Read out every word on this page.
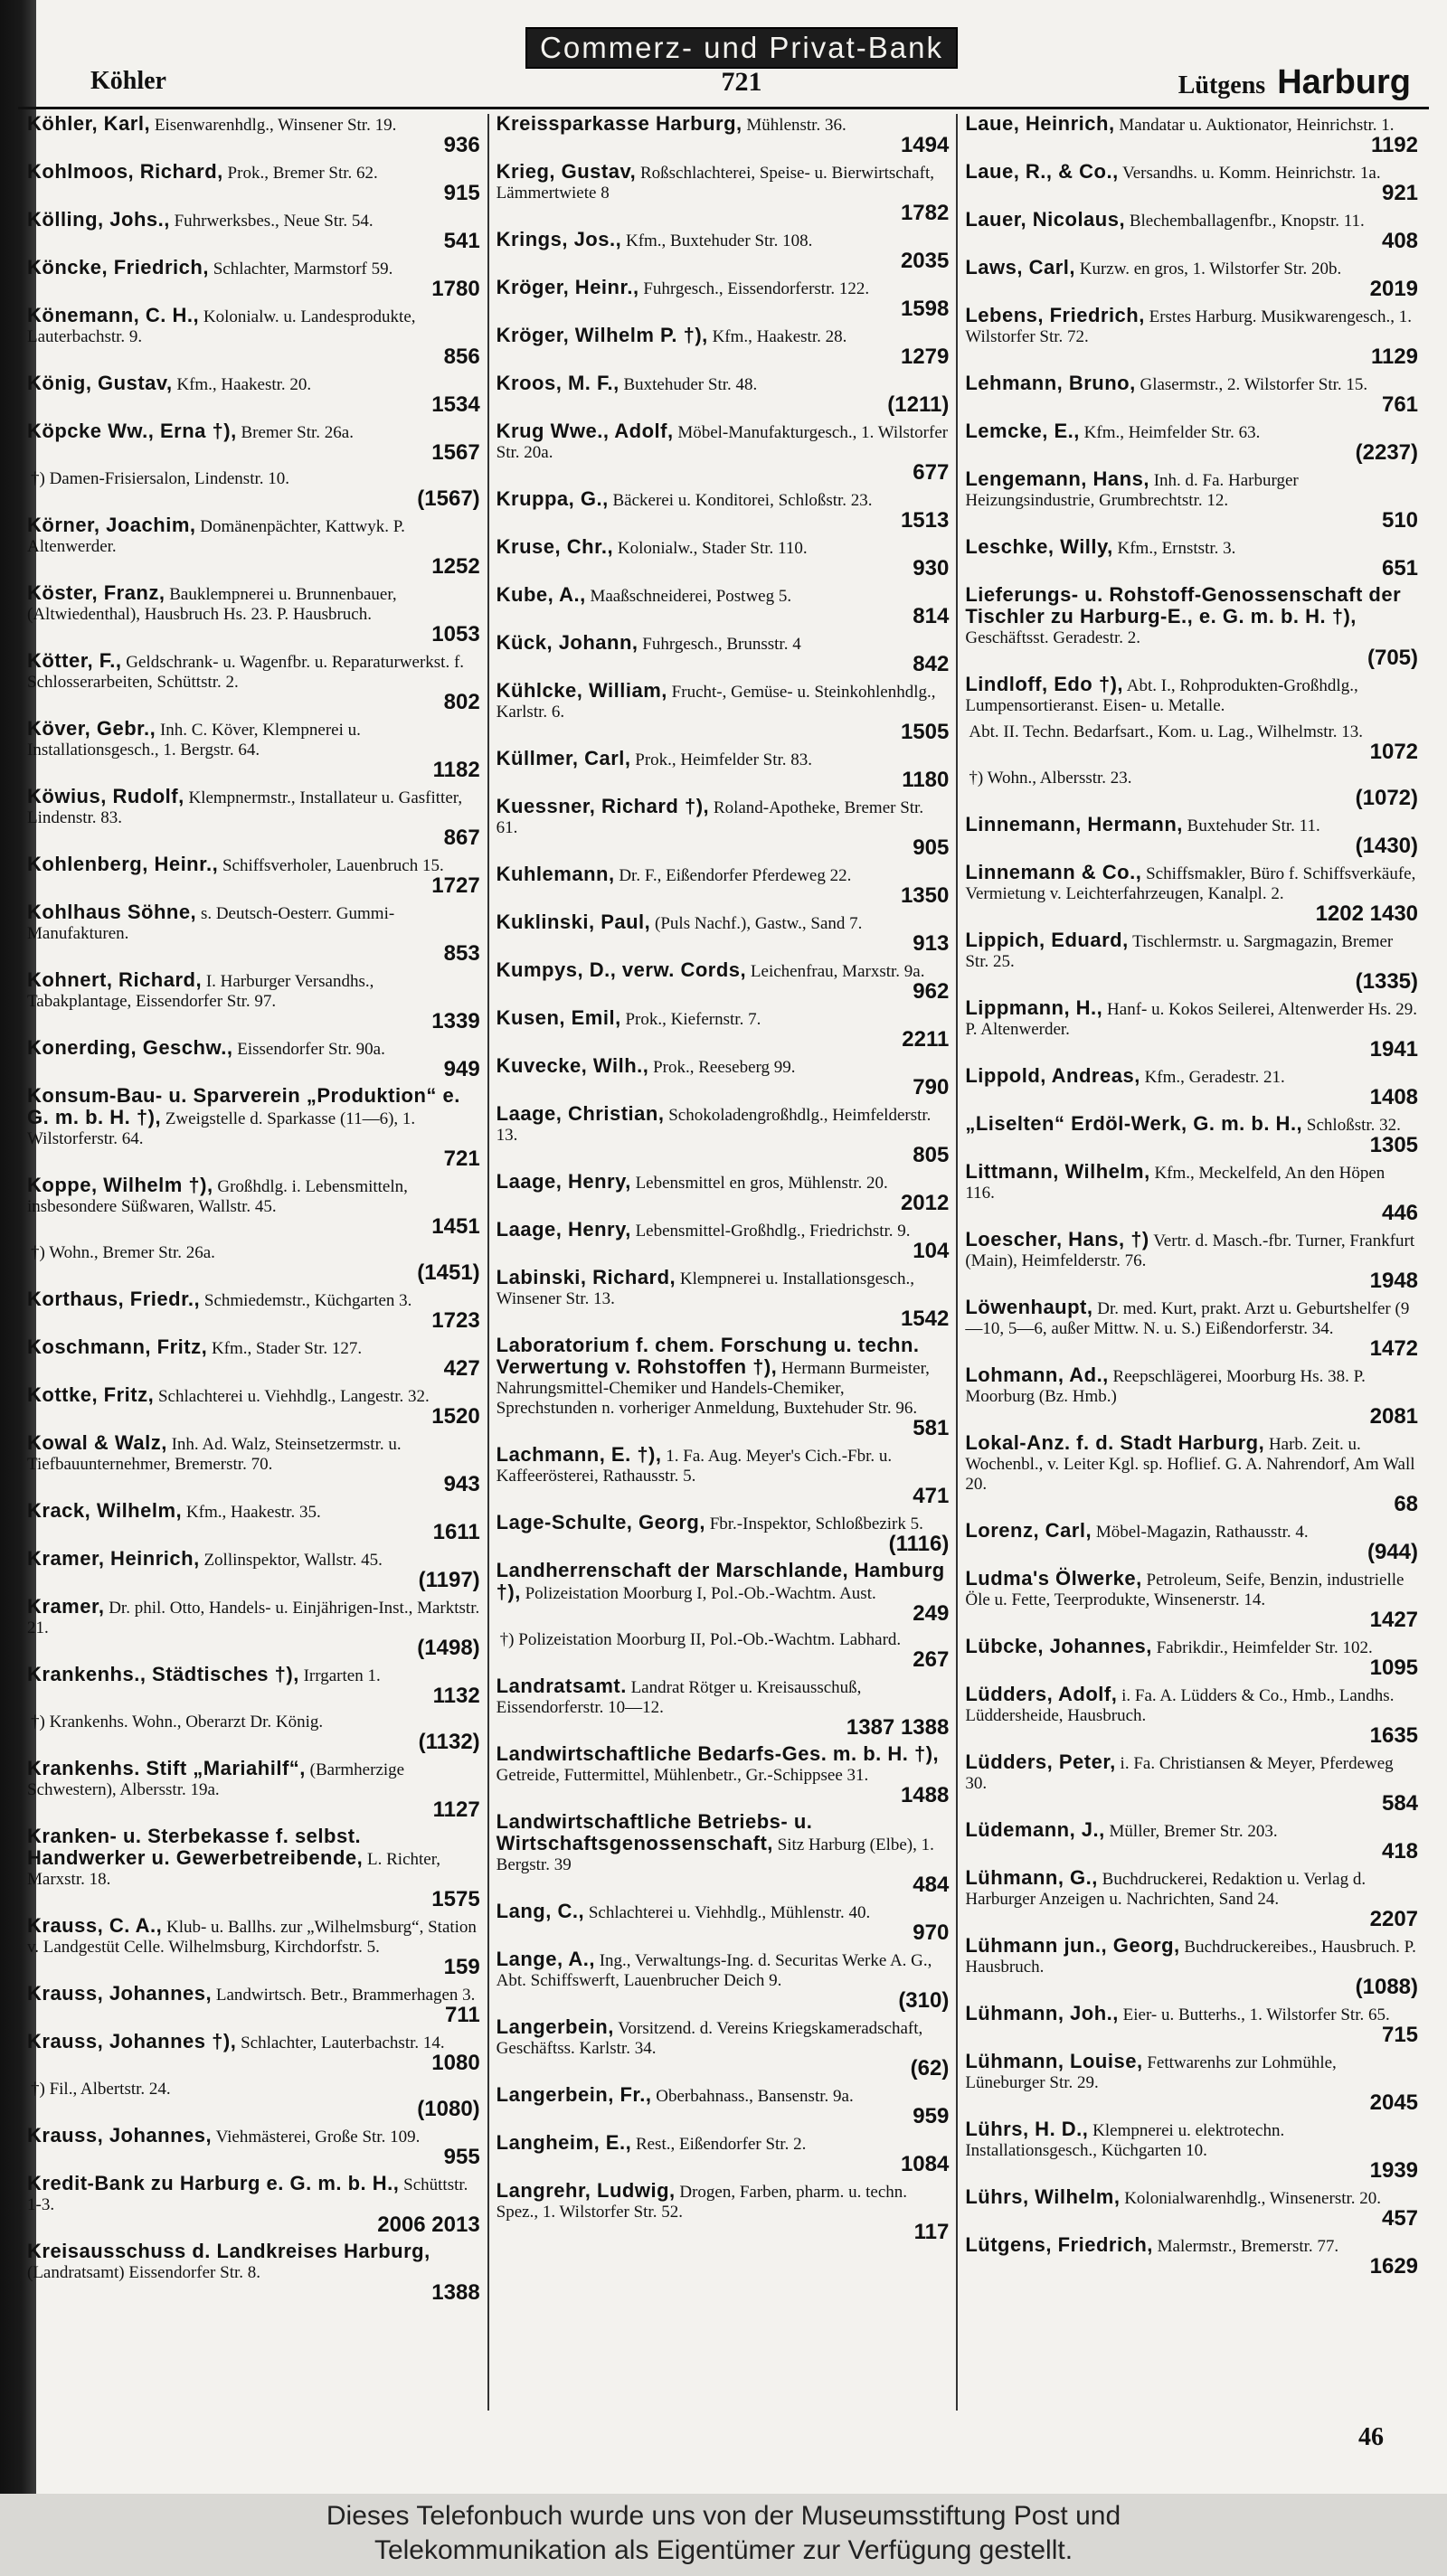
Commerz- und Privat-Bank
721
Köhler	Lütgens Harburg
Köhler, Karl, Eisenwarenhdlg., Winsener Str. 19.
936
Kohlmoos, Richard, Prok., Bremer Str. 62.
915
Kölling, Johs., Fuhrwerksbes., Neue Str. 54.
541
Köncke, Friedrich, Schlachter, Marmstorf 59.
1780
Könemann, C. H., Kolonialw. u. Landesprodukte, Lauterbachstr. 9.
856
König, Gustav, Kfm., Haakestr. 20.
1534
Köpcke Ww., Erna †), Bremer Str. 26a.
1567
†) Damen-Frisiersalon, Lindenstr. 10.
(1567)
Körner, Joachim, Domänenpächter, Kattwyk. P. Altenwerder.
1252
Köster, Franz, Bauklempnerei u. Brunnenbauer, (Altwiedenthal), Hausbruch Hs. 23. P. Hausbruch.
1053
Kötter, F., Geldschrank- u. Wagenfbr. u. Reparaturwerkst. f. Schlosserarbeiten, Schüttstr. 2.
802
Köver, Gebr., Inh. C. Köver, Klempnerei u. Installationsgesch., 1. Bergstr. 64.
1182
Köwius, Rudolf, Klempnermstr., Installateur u. Gasfitter, Lindenstr. 83.
867
Kohlenberg, Heinr., Schiffsverholer, Lauenbruch 15.
1727
Kohlhaus Söhne, s. Deutsch-Oesterr. Gummi-Manufakturen.
853
Kohnert, Richard, I. Harburger Versandhs., Tabakplantage, Eissendorfer Str. 97.
1339
Konerding, Geschw., Eissendorfer Str. 90a.
949
Konsum-Bau- u. Sparverein „Produktion“ e. G. m. b. H. †), Zweigstelle d. Sparkasse (11—6), 1. Wilstorferstr. 64.
721
Koppe, Wilhelm †), Großhdlg. i. Lebensmitteln, insbesondere Süßwaren, Wallstr. 45.
1451
†) Wohn., Bremer Str. 26a.
(1451)
Korthaus, Friedr., Schmiedemstr., Küchgarten 3.
1723
Koschmann, Fritz, Kfm., Stader Str. 127.
427
Kottke, Fritz, Schlachterei u. Viehhdlg., Langestr. 32.
1520
Kowal & Walz, Inh. Ad. Walz, Steinsetzermstr. u. Tiefbauunternehmer, Bremerstr. 70.
943
Krack, Wilhelm, Kfm., Haakestr. 35.
1611
Kramer, Heinrich, Zollinspektor, Wallstr. 45.
(1197)
Kramer, Dr. phil. Otto, Handels- u. Einjährigen-Inst., Marktstr. 21.
(1498)
Krankenhs., Städtisches †), Irrgarten 1.
1132
†) Krankenhs. Wohn., Oberarzt Dr. König.
(1132)
Krankenhs. Stift „Mariahilf“, (Barmherzige Schwestern), Albersstr. 19a.
1127
Kranken- u. Sterbekasse f. selbst. Handwerker u. Gewerbetreibende, L. Richter, Marxstr. 18.
1575
Krauss, C. A., Klub- u. Ballhs. zur „Wilhelmsburg“, Station v. Landgestüt Celle. Wilhelmsburg, Kirchdorfstr. 5.
159
Krauss, Johannes, Landwirtsch. Betr., Brammerhagen 3.
711
Krauss, Johannes †), Schlachter, Lauterbachstr. 14.
1080
†) Fil., Albertstr. 24.
(1080)
Krauss, Johannes, Viehmästerei, Große Str. 109.
955
Kredit-Bank zu Harburg e. G. m. b. H., Schüttstr. 1-3.
2006 2013
Kreisausschuss d. Landkreises Harburg, (Landratsamt) Eissendorfer Str. 8.
1388
Kreissparkasse Harburg, Mühlenstr. 36.
1494
Krieg, Gustav, Roßschlachterei, Speise- u. Bierwirtschaft, Lämmertwiete 8
1782
Krings, Jos., Kfm., Buxtehuder Str. 108.
2035
Kröger, Heinr., Fuhrgesch., Eissendorferstr. 122.
1598
Kröger, Wilhelm P. †), Kfm., Haakestr. 28.
1279
Kroos, M. F., Buxtehuder Str. 48.
(1211)
Krug Wwe., Adolf, Möbel-Manufakturgesch., 1. Wilstorfer Str. 20a.
677
Kruppa, G., Bäckerei u. Konditorei, Schloßstr. 23.
1513
Kruse, Chr., Kolonialw., Stader Str. 110.
930
Kube, A., Maaßschneiderei, Postweg 5.
814
Kück, Johann, Fuhrgesch., Brunsstr. 4
842
Kühlcke, William, Frucht-, Gemüse- u. Steinkohlenhdlg., Karlstr. 6.
1505
Küllmer, Carl, Prok., Heimfelder Str. 83.
1180
Kuessner, Richard †), Roland-Apotheke, Bremer Str. 61.
905
Kuhlemann, Dr. F., Eißendorfer Pferdeweg 22.
1350
Kuklinski, Paul, (Puls Nachf.), Gastw., Sand 7.
913
Kumpys, D., verw. Cords, Leichenfrau, Marxstr. 9a.
962
Kusen, Emil, Prok., Kiefernstr. 7.
2211
Kuvecke, Wilh., Prok., Reeseberg 99.
790
Laage, Christian, Schokoladengroßhdlg., Heimfelderstr. 13.
805
Laage, Henry, Lebensmittel en gros, Mühlenstr. 20.
2012
Laage, Henry, Lebensmittel-Großhdlg., Friedrichstr. 9.
104
Labinski, Richard, Klempnerei u. Installationsgesch., Winsener Str. 13.
1542
Laboratorium f. chem. Forschung u. techn. Verwertung v. Rohstoffen †), Hermann Burmeister, Nahrungsmittel-Chemiker und Handels-Chemiker, Sprechstunden n. vorheriger Anmeldung, Buxtehuder Str. 96.
581
Lachmann, E. †), 1. Fa. Aug. Meyer's Cich.-Fbr. u. Kaffeerösterei, Rathausstr. 5.
471
Lage-Schulte, Georg, Fbr.-Inspektor, Schloßbezirk 5.
(1116)
Landherrenschaft der Marschlande, Hamburg †), Polizeistation Moorburg I, Pol.-Ob.-Wachtm. Aust.
249
†) Polizeistation Moorburg II, Pol.-Ob.-Wachtm. Labhard.
267
Landratsamt. Landrat Rötger u. Kreisausschuß, Eissendorferstr. 10—12.
1387 1388
Landwirtschaftliche Bedarfs-Ges. m. b. H. †), Getreide, Futtermittel, Mühlenbetr., Gr.-Schippsee 31.
1488
Landwirtschaftliche Betriebs- u. Wirtschaftsgenossenschaft, Sitz Harburg (Elbe), 1. Bergstr. 39
484
Lang, C., Schlachterei u. Viehhdlg., Mühlenstr. 40.
970
Lange, A., Ing., Verwaltungs-Ing. d. Securitas Werke A. G., Abt. Schiffswerft, Lauenbrucher Deich 9.
(310)
Langerbein, Vorsitzend. d. Vereins Kriegskameradschaft, Geschäftss. Karlstr. 34.
(62)
Langerbein, Fr., Oberbahnass., Bansenstr. 9a.
959
Langheim, E., Rest., Eißendorfer Str. 2.
1084
Langrehr, Ludwig, Drogen, Farben, pharm. u. techn. Spez., 1. Wilstorfer Str. 52.
117
Laue, Heinrich, Mandatar u. Auktionator, Heinrichstr. 1.
1192
Laue, R., & Co., Versandhs. u. Komm. Heinrichstr. 1a.
921
Lauer, Nicolaus, Blechemballagenfbr., Knopstr. 11.
408
Laws, Carl, Kurzw. en gros, 1. Wilstorfer Str. 20b.
2019
Lebens, Friedrich, Erstes Harburg. Musikwarengesch., 1. Wilstorfer Str. 72.
1129
Lehmann, Bruno, Glasermstr., 2. Wilstorfer Str. 15.
761
Lemcke, E., Kfm., Heimfelder Str. 63.
(2237)
Lengemann, Hans, Inh. d. Fa. Harburger Heizungsindustrie, Grumbrechtstr. 12.
510
Leschke, Willy, Kfm., Ernststr. 3.
651
Lieferungs- u. Rohstoff-Genossenschaft der Tischler zu Harburg-E., e. G. m. b. H. †), Geschäftsst. Geradestr. 2.
(705)
Lindloff, Edo †), Abt. I., Rohprodukten-Großhdlg., Lumpensortieranst. Eisen- u. Metalle.
Abt. II. Techn. Bedarfsart., Kom. u. Lag., Wilhelmstr. 13.
1072
†) Wohn., Albersstr. 23.
(1072)
Linnemann, Hermann, Buxtehuder Str. 11.
(1430)
Linnemann & Co., Schiffsmakler, Büro f. Schiffsverkäufe, Vermietung v. Leichterfahrzeugen, Kanalpl. 2.
1202 1430
Lippich, Eduard, Tischlermstr. u. Sargmagazin, Bremer Str. 25.
(1335)
Lippmann, H., Hanf- u. Kokos Seilerei, Altenwerder Hs. 29. P. Altenwerder.
1941
Lippold, Andreas, Kfm., Geradestr. 21.
1408
„Liselten“ Erdöl-Werk, G. m. b. H., Schloßstr. 32.
1305
Littmann, Wilhelm, Kfm., Meckelfeld, An den Höpen 116.
446
Loescher, Hans, †) Vertr. d. Masch.-fbr. Turner, Frankfurt (Main), Heimfelderstr. 76.
1948
Löwenhaupt, Dr. med. Kurt, prakt. Arzt u. Geburtshelfer (9—10, 5—6, außer Mittw. N. u. S.) Eißendorferstr. 34.
1472
Lohmann, Ad., Reepschlägerei, Moorburg Hs. 38. P. Moorburg (Bz. Hmb.)
2081
Lokal-Anz. f. d. Stadt Harburg, Harb. Zeit. u. Wochenbl., v. Leiter Kgl. sp. Hoflief. G. A. Nahrendorf, Am Wall 20.
68
Lorenz, Carl, Möbel-Magazin, Rathausstr. 4.
(944)
Ludma's Ölwerke, Petroleum, Seife, Benzin, industrielle Öle u. Fette, Teerprodukte, Winsenerstr. 14.
1427
Lübcke, Johannes, Fabrikdir., Heimfelder Str. 102.
1095
Lüdders, Adolf, i. Fa. A. Lüdders & Co., Hmb., Landhs. Lüddersheide, Hausbruch.
1635
Lüdders, Peter, i. Fa. Christiansen & Meyer, Pferdeweg 30.
584
Lüdemann, J., Müller, Bremer Str. 203.
418
Lühmann, G., Buchdruckerei, Redaktion u. Verlag d. Harburger Anzeigen u. Nachrichten, Sand 24.
2207
Lühmann jun., Georg, Buchdruckereibes., Hausbruch. P. Hausbruch.
(1088)
Lühmann, Joh., Eier- u. Butterhs., 1. Wilstorfer Str. 65.
715
Lühmann, Louise, Fettwarenhs zur Lohmühle, Lüneburger Str. 29.
2045
Lührs, H. D., Klempnerei u. elektrotechn. Installationsgesch., Küchgarten 10.
1939
Lührs, Wilhelm, Kolonialwarenhdlg., Winsenerstr. 20.
457
Lütgens, Friedrich, Malermstr., Bremerstr. 77.
1629
46
Dieses Telefonbuch wurde uns von der Museumsstiftung Post und
Telekommunikation als Eigentümer zur Verfügung gestellt.
